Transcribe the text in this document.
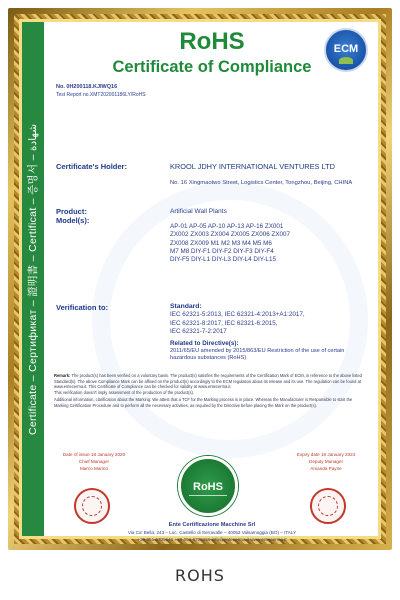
Certificate – Сертификат – 證明書 – Certificat – 증명서 – شهادة
RoHS
Certificate of Compliance
ECM
No. 0H200118.KJIWQ16
Test Report no.XMT202001186LY/RoHS
Certificate's Holder:	KROOL JDHY INTERNATIONAL VENTURES LTD
No. 16 Xingmaotwo Street, Logistics Center, Tongzhou, Beijing, CHINA
Product:	Artificial Wall Plants
Model(s):
AP-01 AP-05 AP-10 AP-13 AP-16 ZX001
ZX002 ZX003 ZX004 ZX005 ZX006 ZX007
ZX008 ZX009 M1 M2 M3 M4 M5 M6
M7 M8 DIY-F1 DIY-F2 DIY-F3 DIY-F4
DIY-F5 DIY-L1 DIY-L3 DIY-L4 DIY-L15
Verification to:	Standard:
IEC 62321-5:2013, IEC 62321-4:2013+A1:2017,
IEC 62321-8:2017, IEC 62321-6:2015,
IEC 62321-7-2:2017
Related to Directive(s):
2011/65/EU amended by 2015/863/EU Restriction of the use of certain hazardous substances (RoHS)

Remark: The product(s) has been verified on a voluntary basis. The product(s) satisfies the requirements of the Certification Mark of ECM, in reference to the above listed Standard(s). The above Compliance Mark can be affixed on the product(s) accordingly to the ECM regulation about its release and its use. The regulation can be found at www.entecerma.it. This Certificate of Compliance can be checked for validity at www.entecerma.it

This verification doesn't imply assessment of the production of the product(s).

Additional information, clarification about the Marking: We attest that a TCF for the Marking process is in place. Whereas the Manufacturer is Responsible to start the Marking Certification Procedure and to perform all the necessary activities, as required by the Directive before placing the Mark on the product(s).

Date of issue 18 January 2020
Chief Manager
Marco Marino
Expiry date 18 January 2024
Deputy Manager
Amanda Payne
RoHS
Ente Certificazione Macchine Srl
Via Ca' Bella, 243 – Loc. Castello di Serravalle – 40053 Valsamoggia (BO) – ITALY
+39 051 6705141 +39 051 6705156 info@entecerma.it www.entecerma.it
ROHS
